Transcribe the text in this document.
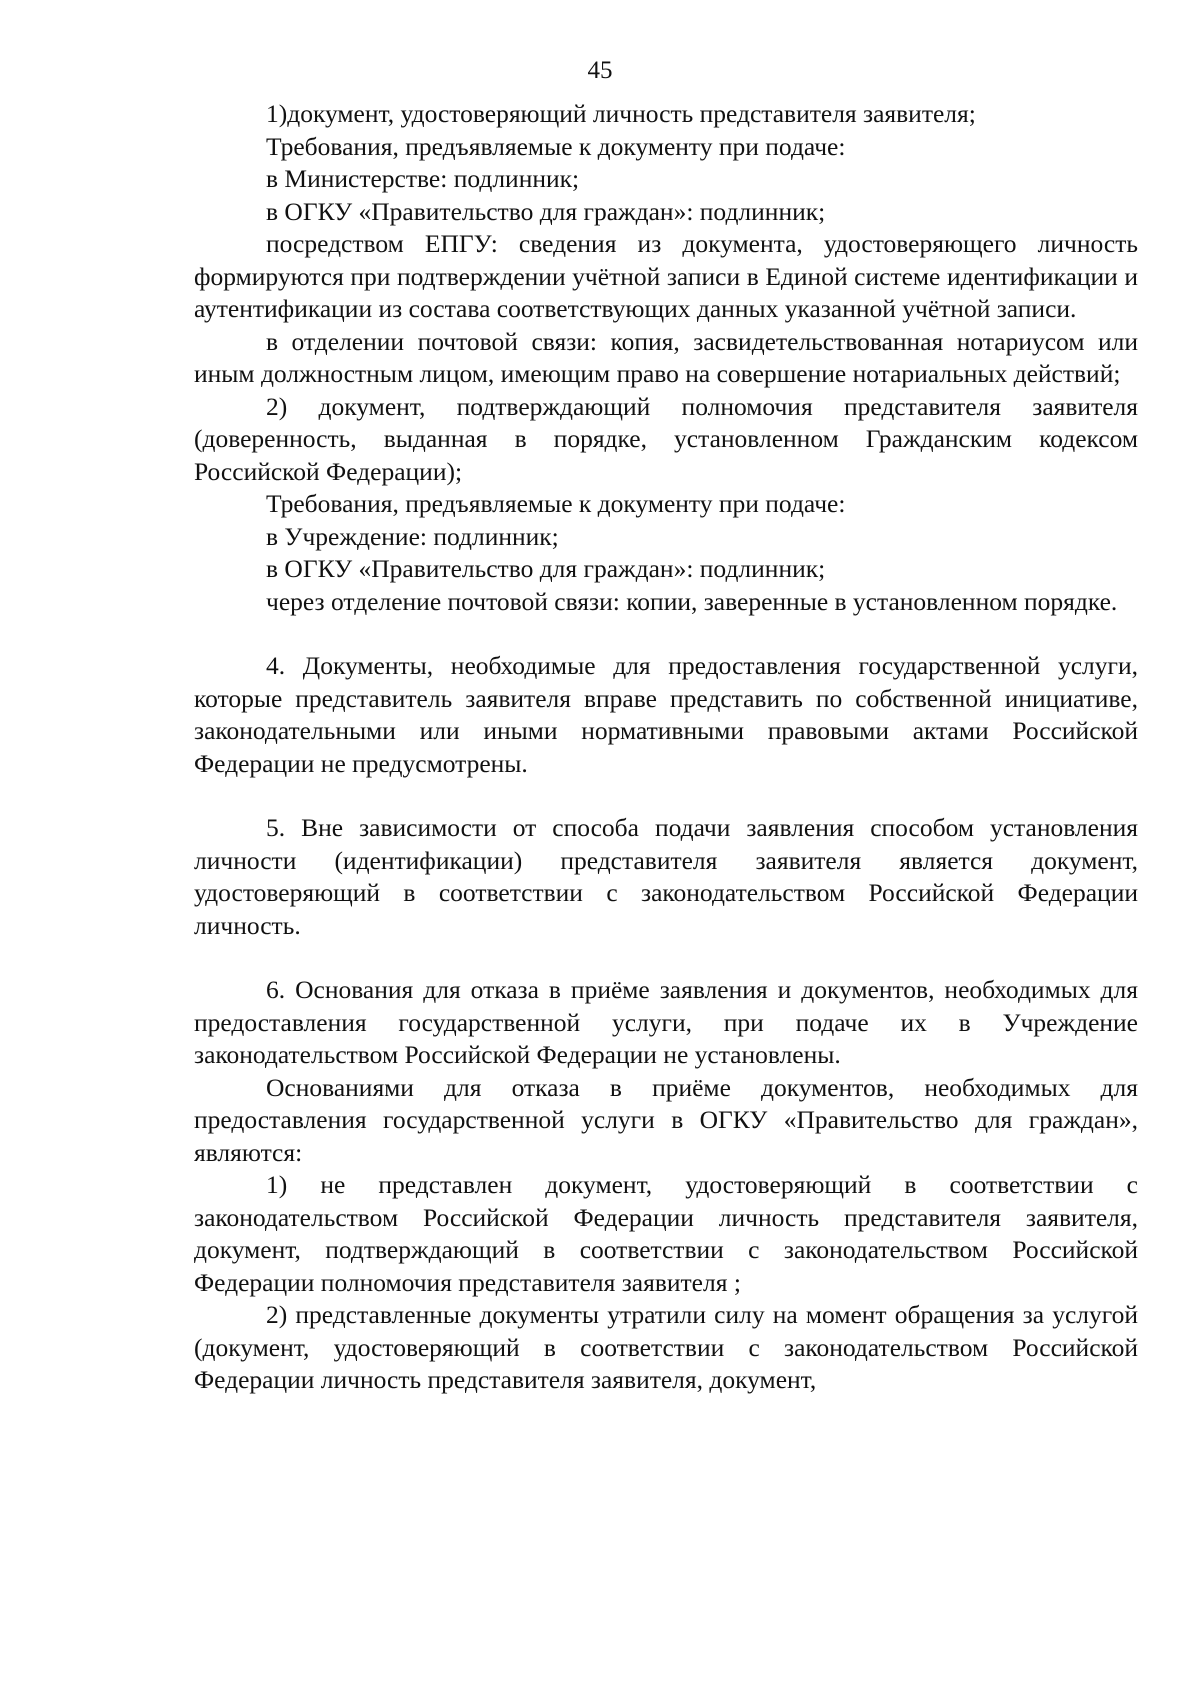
45

1)документ, удостоверяющий личность представителя заявителя;

Требования, предъявляемые к документу при подаче:

в Министерстве: подлинник;

в ОГКУ «Правительство для граждан»: подлинник;

посредством ЕПГУ: сведения из документа, удостоверяющего личность формируются при подтверждении учётной записи в Единой системе идентификации и аутентификации из состава соответствующих данных указанной учётной записи.

в отделении почтовой связи: копия, засвидетельствованная нотариусом или иным должностным лицом, имеющим право на совершение нотариальных действий;

2) документ, подтверждающий полномочия представителя заявителя (доверенность, выданная в порядке, установленном Гражданским кодексом Российской Федерации);

Требования, предъявляемые к документу при подаче:

в Учреждение: подлинник;

в ОГКУ «Правительство для граждан»: подлинник;

через отделение почтовой связи: копии, заверенные в установленном порядке.

4. Документы, необходимые для предоставления государственной услуги, которые представитель заявителя вправе представить по собственной инициативе, законодательными или иными нормативными правовыми актами Российской Федерации не предусмотрены.

5. Вне зависимости от способа подачи заявления способом установления личности (идентификации) представителя заявителя является документ, удостоверяющий в соответствии с законодательством Российской Федерации личность.

6. Основания для отказа в приёме заявления и документов, необходимых для предоставления государственной услуги, при подаче их в Учреждение законодательством Российской Федерации не установлены.

Основаниями для отказа в приёме документов, необходимых для предоставления государственной услуги в ОГКУ «Правительство для граждан», являются:

1) не представлен документ, удостоверяющий в соответствии с законодательством Российской Федерации личность представителя заявителя, документ, подтверждающий в соответствии с законодательством Российской Федерации полномочия представителя заявителя ;

2) представленные документы утратили силу на момент обращения за услугой (документ, удостоверяющий в соответствии с законодательством Российской Федерации личность представителя заявителя, документ,
